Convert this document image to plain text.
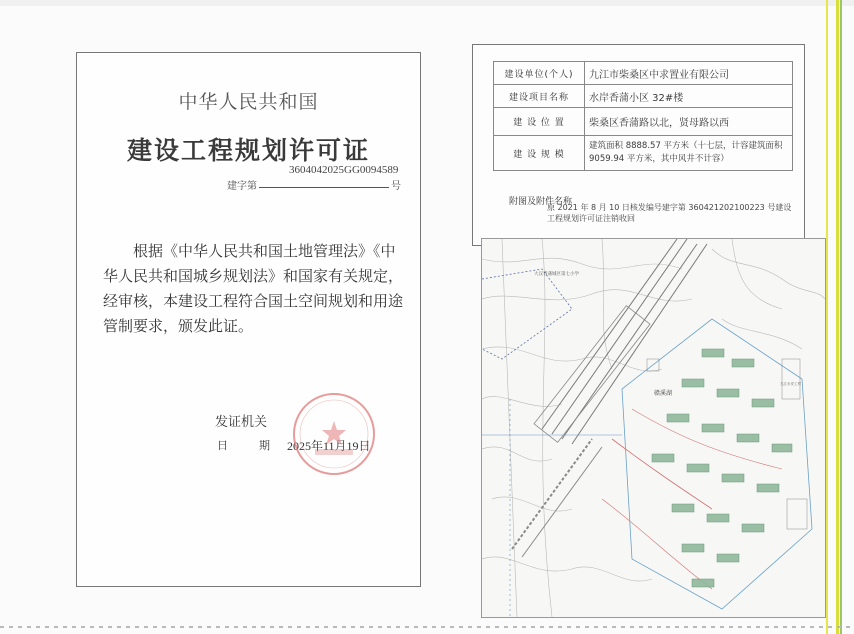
中华人民共和国
建设工程规划许可证
3604042025GG0094589
建字第	号
根据《中华人民共和国土地管理法》《中华人民共和国城乡规划法》和国家有关规定，经审核，本建设工程符合国土空间规划和用途管制要求，颁发此证。
发证机关
日　期 2025年11月19日
建设单位(个人)	九江市柴桑区中求置业有限公司
建设项目名称	水岸香蒲小区 32#楼
建 设 位 置	柴桑区香蒲路以北，贤母路以西
建 设 规 模	建筑面积 8888.57 平方米（十七层，计容建筑面积 9059.94 平方米，其中风井不计容）
附图及附件名称
原 2021 年 8 月 10 日核发编号建字第 360421202100223 号建设工程规划许可证注销收回
赣溪湖
大汉香蒲城区第七小学
九江永安工贸
